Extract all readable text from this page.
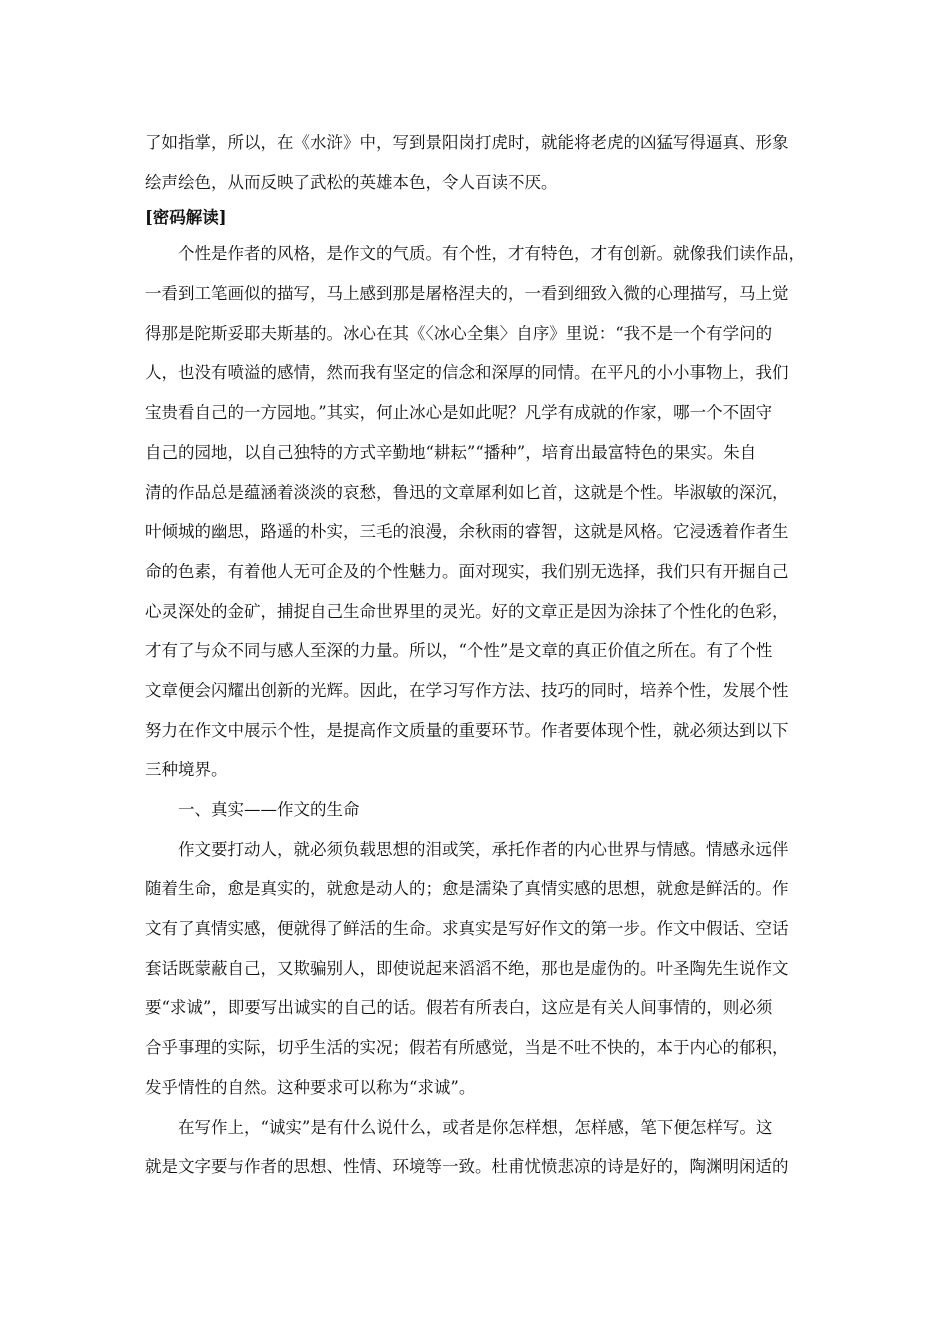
了如指掌，所以，在《水浒》中，写到景阳岗打虎时，就能将老虎的凶猛写得逼真、形象
绘声绘色，从而反映了武松的英雄本色，令人百读不厌。
[密码解读]
个性是作者的风格，是作文的气质。有个性，才有特色，才有创新。就像我们读作品，
一看到工笔画似的描写，马上感到那是屠格涅夫的，一看到细致入微的心理描写，马上觉
得那是陀斯妥耶夫斯基的。冰心在其《〈冰心全集〉自序》里说：“我不是一个有学问的
人，也没有喷溢的感情，然而我有坚定的信念和深厚的同情。在平凡的小小事物上，我们
宝贵看自己的一方园地。”其实，何止冰心是如此呢？凡学有成就的作家，哪一个不固守
自己的园地，以自己独特的方式辛勤地“耕耘”“播种”，培育出最富特色的果实。朱自
清的作品总是蕴涵着淡淡的哀愁，鲁迅的文章犀利如匕首，这就是个性。毕淑敏的深沉，
叶倾城的幽思，路遥的朴实，三毛的浪漫，余秋雨的睿智，这就是风格。它浸透着作者生
命的色素，有着他人无可企及的个性魅力。面对现实，我们别无选择，我们只有开掘自己
心灵深处的金矿，捕捉自己生命世界里的灵光。好的文章正是因为涂抹了个性化的色彩，
才有了与众不同与感人至深的力量。所以，“个性”是文章的真正价值之所在。有了个性
文章便会闪耀出创新的光辉。因此，在学习写作方法、技巧的同时，培养个性，发展个性
努力在作文中展示个性，是提高作文质量的重要环节。作者要体现个性，就必须达到以下
三种境界。
一、真实——作文的生命
作文要打动人，就必须负载思想的泪或笑，承托作者的内心世界与情感。情感永远伴
随着生命，愈是真实的，就愈是动人的；愈是濡染了真情实感的思想，就愈是鲜活的。作
文有了真情实感，便就得了鲜活的生命。求真实是写好作文的第一步。作文中假话、空话
套话既蒙蔽自己，又欺骗别人，即使说起来滔滔不绝，那也是虚伪的。叶圣陶先生说作文
要“求诚”，即要写出诚实的自己的话。假若有所表白，这应是有关人间事情的，则必须
合乎事理的实际，切乎生活的实况；假若有所感觉，当是不吐不快的，本于内心的郁积，
发乎情性的自然。这种要求可以称为“求诚”。
在写作上，“诚实”是有什么说什么，或者是你怎样想，怎样感，笔下便怎样写。这
就是文字要与作者的思想、性情、环境等一致。杜甫忧愤悲凉的诗是好的，陶渊明闲适的
